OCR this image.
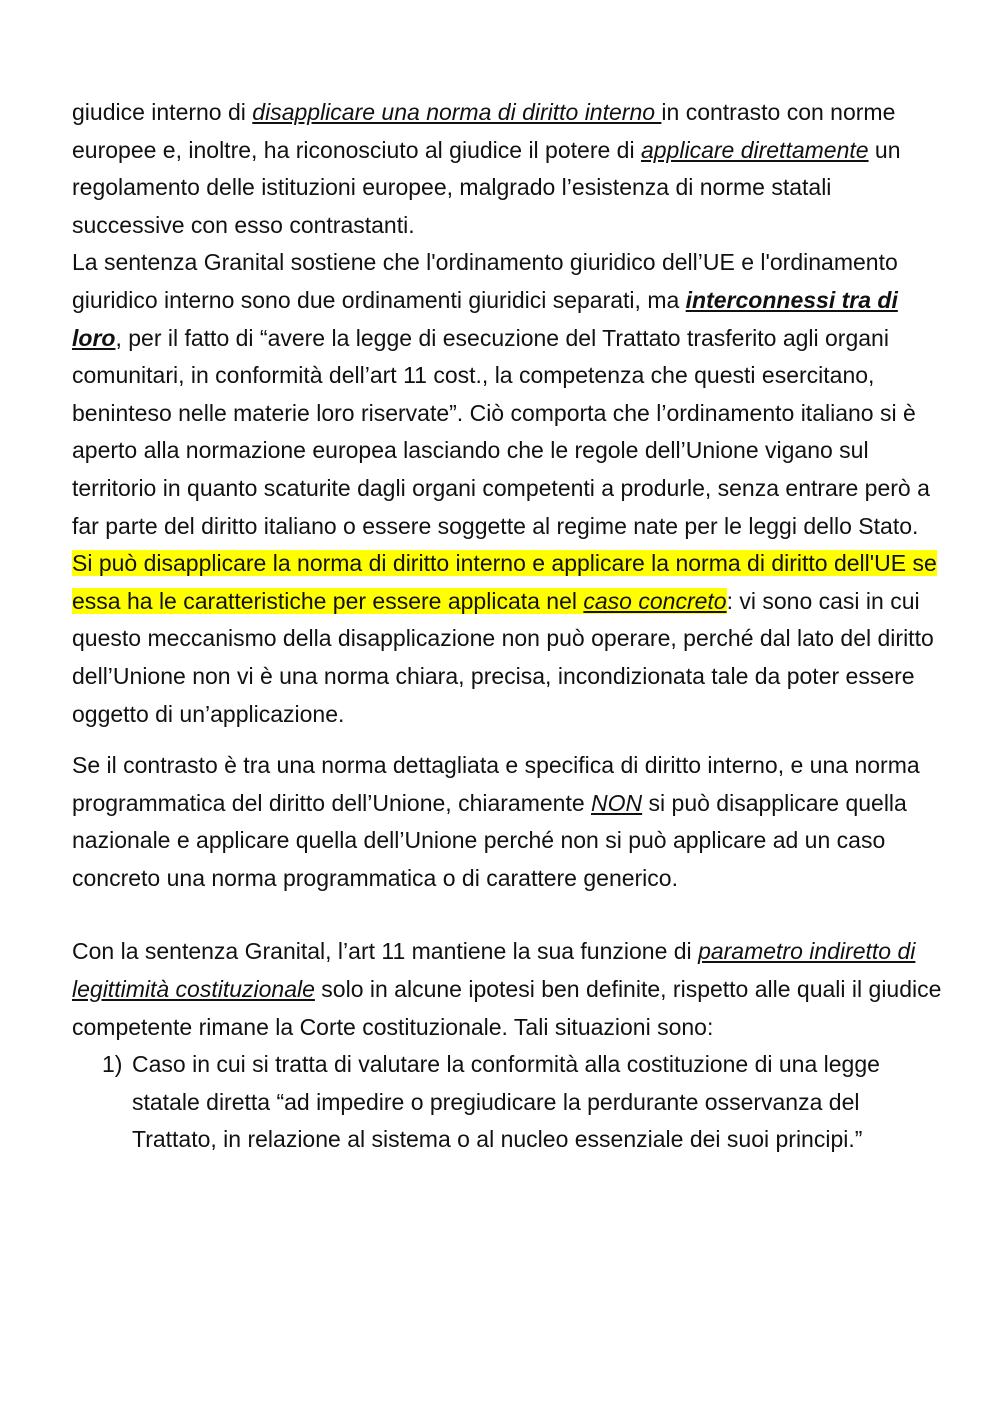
giudice interno di disapplicare una norma di diritto interno in contrasto con norme europee e, inoltre, ha riconosciuto al giudice il potere di applicare direttamente un regolamento delle istituzioni europee, malgrado l’esistenza di norme statali successive con esso contrastanti.

La sentenza Granital sostiene che l'ordinamento giuridico dell’UE e l'ordinamento giuridico interno sono due ordinamenti giuridici separati, ma interconnessi tra di loro, per il fatto di “avere la legge di esecuzione del Trattato trasferito agli organi comunitari, in conformità dell’art 11 cost., la competenza che questi esercitano, beninteso nelle materie loro riservate”. Ciò comporta che l’ordinamento italiano si è aperto alla normazione europea lasciando che le regole dell’Unione vigano sul territorio in quanto scaturite dagli organi competenti a produrle, senza entrare però a far parte del diritto italiano o essere soggette al regime nate per le leggi dello Stato.

Si può disapplicare la norma di diritto interno e applicare la norma di diritto dell'UE se essa ha le caratteristiche per essere applicata nel caso concreto: vi sono casi in cui questo meccanismo della disapplicazione non può operare, perché dal lato del diritto dell’Unione non vi è una norma chiara, precisa, incondizionata tale da poter essere oggetto di un’applicazione.

Se il contrasto è tra una norma dettagliata e specifica di diritto interno, e una norma programmatica del diritto dell’Unione, chiaramente NON si può disapplicare quella nazionale e applicare quella dell’Unione perché non si può applicare ad un caso concreto una norma programmatica o di carattere generico.

Con la sentenza Granital, l’art 11 mantiene la sua funzione di parametro indiretto di legittimità costituzionale solo in alcune ipotesi ben definite, rispetto alle quali il giudice competente rimane la Corte costituzionale. Tali situazioni sono:

1) Caso in cui si tratta di valutare la conformità alla costituzione di una legge statale diretta “ad impedire o pregiudicare la perdurante osservanza del Trattato, in relazione al sistema o al nucleo essenziale dei suoi principi.”
